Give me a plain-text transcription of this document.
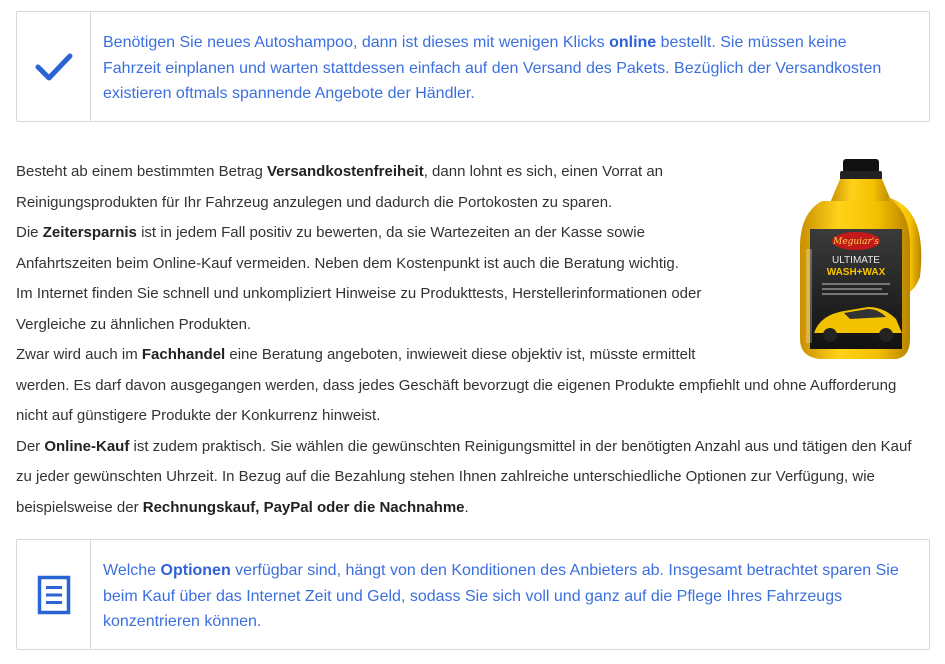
Benötigen Sie neues Autoshampoo, dann ist dieses mit wenigen Klicks online bestellt. Sie müssen keine Fahrzeit einplanen und warten stattdessen einfach auf den Versand des Pakets. Bezüglich der Versandkosten existieren oftmals spannende Angebote der Händler.
Meguiar's
ULTIMATE
WASH+WAX

Besteht ab einem bestimmten Betrag Versandkostenfreiheit, dann lohnt es sich, einen Vorrat an Reinigungsprodukten für Ihr Fahrzeug anzulegen und dadurch die Portokosten zu sparen.

Die Zeitersparnis ist in jedem Fall positiv zu bewerten, da sie Wartezeiten an der Kasse sowie Anfahrtszeiten beim Online-Kauf vermeiden. Neben dem Kostenpunkt ist auch die Beratung wichtig.

Im Internet finden Sie schnell und unkompliziert Hinweise zu Produkttests, Herstellerinformationen oder Vergleiche zu ähnlichen Produkten.

Zwar wird auch im Fachhandel eine Beratung angeboten, inwieweit diese objektiv ist, müsste ermittelt werden. Es darf davon ausgegangen werden, dass jedes Geschäft bevorzugt die eigenen Produkte empfiehlt und ohne Aufforderung nicht auf günstigere Produkte der Konkurrenz hinweist.

Der Online-Kauf ist zudem praktisch. Sie wählen die gewünschten Reinigungsmittel in der benötigten Anzahl aus und tätigen den Kauf zu jeder gewünschten Uhrzeit. In Bezug auf die Bezahlung stehen Ihnen zahlreiche unterschiedliche Optionen zur Verfügung, wie beispielsweise der Rechnungskauf, PayPal oder die Nachnahme.

Welche Optionen verfügbar sind, hängt von den Konditionen des Anbieters ab. Insgesamt betrachtet sparen Sie beim Kauf über das Internet Zeit und Geld, sodass Sie sich voll und ganz auf die Pflege Ihres Fahrzeugs konzentrieren können.
